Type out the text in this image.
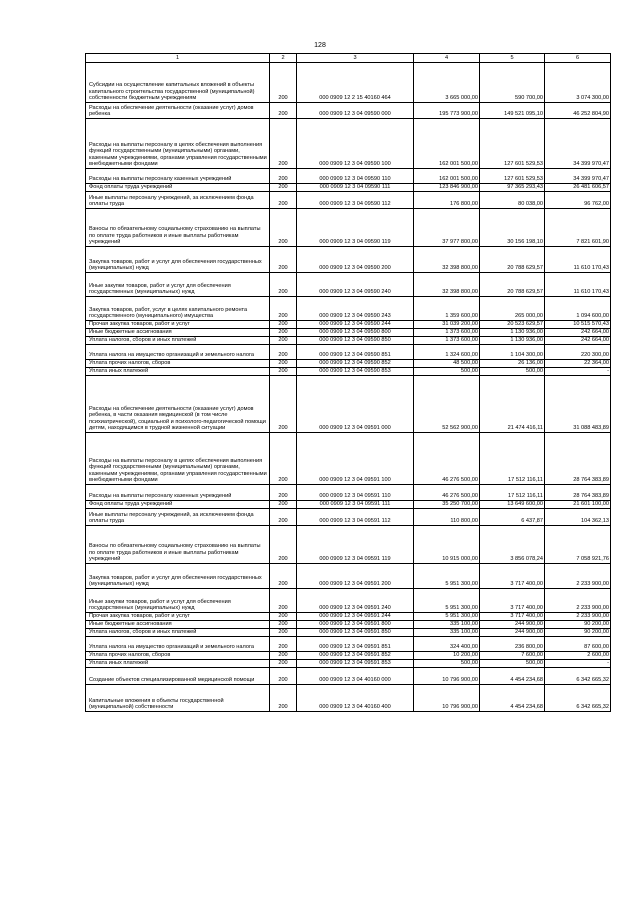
128
1	2	3	4	5	6
Субсидии на осуществление капитальных вложений в объекты капитального строительства государственной (муниципальной) собственности бюджетным учреждениям	200	000 0909 12 2 15 40160 464	3 665 000,00	590 700,00	3 074 300,00
Расходы на обеспечение деятельности (оказание услуг) домов ребенка	200	000 0909 12 3 04 09590 000	195 773 900,00	149 521 095,10	46 252 804,90
Расходы на выплаты персоналу в целях обеспечения выполнения функций государственными (муниципальными) органами, казенными учреждениями, органами управления государственными внебюджетными фондами	200	000 0909 12 3 04 09590 100	162 001 500,00	127 601 529,53	34 399 970,47
Расходы на выплаты персоналу казенных учреждений	200	000 0909 12 3 04 09590 110	162 001 500,00	127 601 529,53	34 399 970,47
Фонд оплаты труда учреждений	200	000 0909 12 3 04 09590 111	123 846 900,00	97 365 293,43	26 481 606,57
Иные выплаты персоналу учреждений, за исключением фонда оплаты труда	200	000 0909 12 3 04 09590 112	176 800,00	80 038,00	96 762,00
Взносы по обязательному социальному страхованию на выплаты по оплате труда работников и иные выплаты работникам учреждений	200	000 0909 12 3 04 09590 119	37 977 800,00	30 156 198,10	7 821 601,90
Закупка товаров, работ и услуг для обеспечения государственных (муниципальных) нужд	200	000 0909 12 3 04 09590 200	32 398 800,00	20 788 629,57	11 610 170,43
Иные закупки товаров, работ и услуг для обеспечения государственных (муниципальных) нужд	200	000 0909 12 3 04 09590 240	32 398 800,00	20 788 629,57	11 610 170,43
Закупка товаров, работ, услуг в целях капитального ремонта государственного (муниципального) имущества	200	000 0909 12 3 04 09590 243	1 359 600,00	265 000,00	1 094 600,00
Прочая закупка товаров, работ и услуг	200	000 0909 12 3 04 09590 244	31 039 200,00	20 523 629,57	10 515 570,43
Иные бюджетные ассигнования	200	000 0909 12 3 04 09590 800	1 373 600,00	1 130 936,00	242 664,00
Уплата налогов, сборов и иных платежей	200	000 0909 12 3 04 09590 850	1 373 600,00	1 130 936,00	242 664,00
Уплата налога на имущество организаций и земельного налога	200	000 0909 12 3 04 09590 851	1 324 600,00	1 104 300,00	220 300,00
Уплата прочих налогов, сборов	200	000 0909 12 3 04 09590 852	48 500,00	26 136,00	22 364,00
Уплата иных платежей	200	000 0909 12 3 04 09590 853	500,00	500,00	-
Расходы на обеспечение деятельности (оказание услуг) домов ребенка, в части оказания медицинской (в том числе психиатрической), социальной и психолого-педагогической помощи детям, находящимся в трудной жизненной ситуации	200	000 0909 12 3 04 09591 000	52 562 900,00	21 474 416,11	31 088 483,89
Расходы на выплаты персоналу в целях обеспечения выполнения функций государственными (муниципальными) органами, казенными учреждениями, органами управления государственными внебюджетными фондами	200	000 0909 12 3 04 09591 100	46 276 500,00	17 512 116,11	28 764 383,89
Расходы на выплаты персоналу казенных учреждений	200	000 0909 12 3 04 09591 110	46 276 500,00	17 512 116,11	28 764 383,89
Фонд оплаты труда учреждений	200	000 0909 12 3 04 09591 111	35 250 700,00	13 649 600,00	21 601 100,00
Иные выплаты персоналу учреждений, за исключением фонда оплаты труда	200	000 0909 12 3 04 09591 112	110 800,00	6 437,87	104 362,13
Взносы по обязательному социальному страхованию на выплаты по оплате труда работников и иные выплаты работникам учреждений	200	000 0909 12 3 04 09591 119	10 915 000,00	3 856 078,24	7 058 921,76
Закупка товаров, работ и услуг для обеспечения государственных (муниципальных) нужд	200	000 0909 12 3 04 09591 200	5 951 300,00	3 717 400,00	2 233 900,00
Иные закупки товаров, работ и услуг для обеспечения государственных (муниципальных) нужд	200	000 0909 12 3 04 09591 240	5 951 300,00	3 717 400,00	2 233 900,00
Прочая закупка товаров, работ и услуг	200	000 0909 12 3 04 09591 244	5 951 300,00	3 717 400,00	2 233 900,00
Иные бюджетные ассигнования	200	000 0909 12 3 04 09591 800	335 100,00	244 900,00	90 200,00
Уплата налогов, сборов и иных платежей	200	000 0909 12 3 04 09591 850	335 100,00	244 900,00	90 200,00
Уплата налога на имущество организаций и земельного налога	200	000 0909 12 3 04 09591 851	324 400,00	236 800,00	87 600,00
Уплата прочих налогов, сборов	200	000 0909 12 3 04 09591 852	10 200,00	7 600,00	2 600,00
Уплата иных платежей	200	000 0909 12 3 04 09591 853	500,00	500,00	-
Создание объектов специализированной медицинской помощи	200	000 0909 12 3 04 40160 000	10 796 900,00	4 454 234,68	6 342 665,32
Капитальные вложения в объекты государственной (муниципальной) собственности	200	000 0909 12 3 04 40160 400	10 796 900,00	4 454 234,68	6 342 665,32
